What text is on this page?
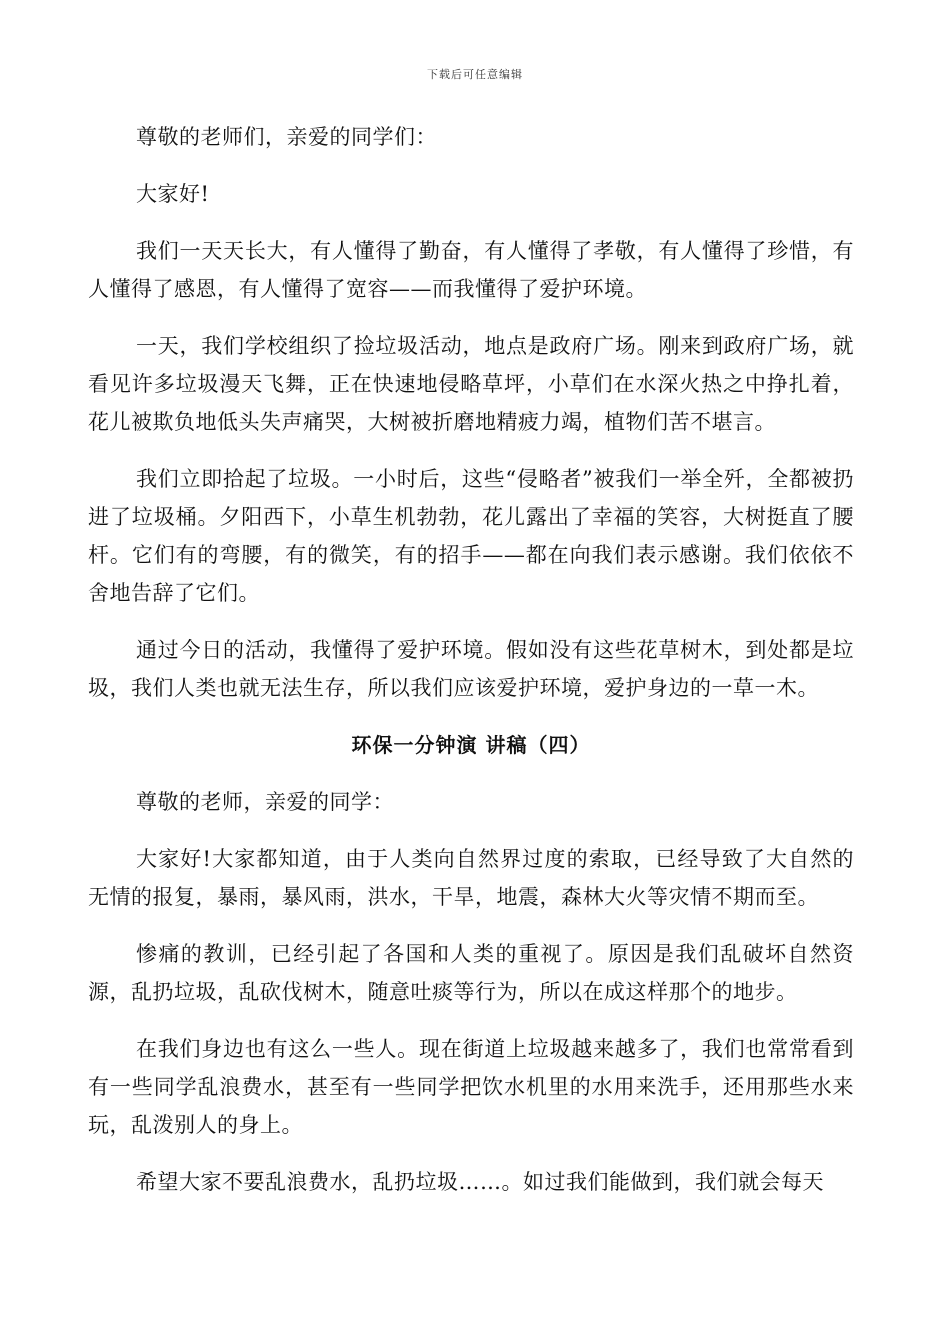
下载后可任意编辑

尊敬的老师们，亲爱的同学们：

大家好!

我们一天天长大，有人懂得了勤奋，有人懂得了孝敬，有人懂得了珍惜，有人懂得了感恩，有人懂得了宽容——而我懂得了爱护环境。

一天，我们学校组织了捡垃圾活动，地点是政府广场。刚来到政府广场，就看见许多垃圾漫天飞舞，正在快速地侵略草坪，小草们在水深火热之中挣扎着，花儿被欺负地低头失声痛哭，大树被折磨地精疲力竭，植物们苦不堪言。

我们立即拾起了垃圾。一小时后，这些“侵略者”被我们一举全歼，全都被扔进了垃圾桶。夕阳西下，小草生机勃勃，花儿露出了幸福的笑容，大树挺直了腰杆。它们有的弯腰，有的微笑，有的招手——都在向我们表示感谢。我们依依不舍地告辞了它们。

通过今日的活动，我懂得了爱护环境。假如没有这些花草树木，到处都是垃圾，我们人类也就无法生存，所以我们应该爱护环境，爱护身边的一草一木。

环保一分钟演 讲稿（四）

尊敬的老师，亲爱的同学：

大家好!大家都知道，由于人类向自然界过度的索取，已经导致了大自然的无情的报复，暴雨，暴风雨，洪水，干旱，地震，森林大火等灾情不期而至。

惨痛的教训，已经引起了各国和人类的重视了。原因是我们乱破坏自然资源，乱扔垃圾，乱砍伐树木，随意吐痰等行为，所以在成这样那个的地步。

在我们身边也有这么一些人。现在街道上垃圾越来越多了，我们也常常看到有一些同学乱浪费水，甚至有一些同学把饮水机里的水用来洗手，还用那些水来玩，乱泼别人的身上。

希望大家不要乱浪费水，乱扔垃圾……。如过我们能做到，我们就会每天
